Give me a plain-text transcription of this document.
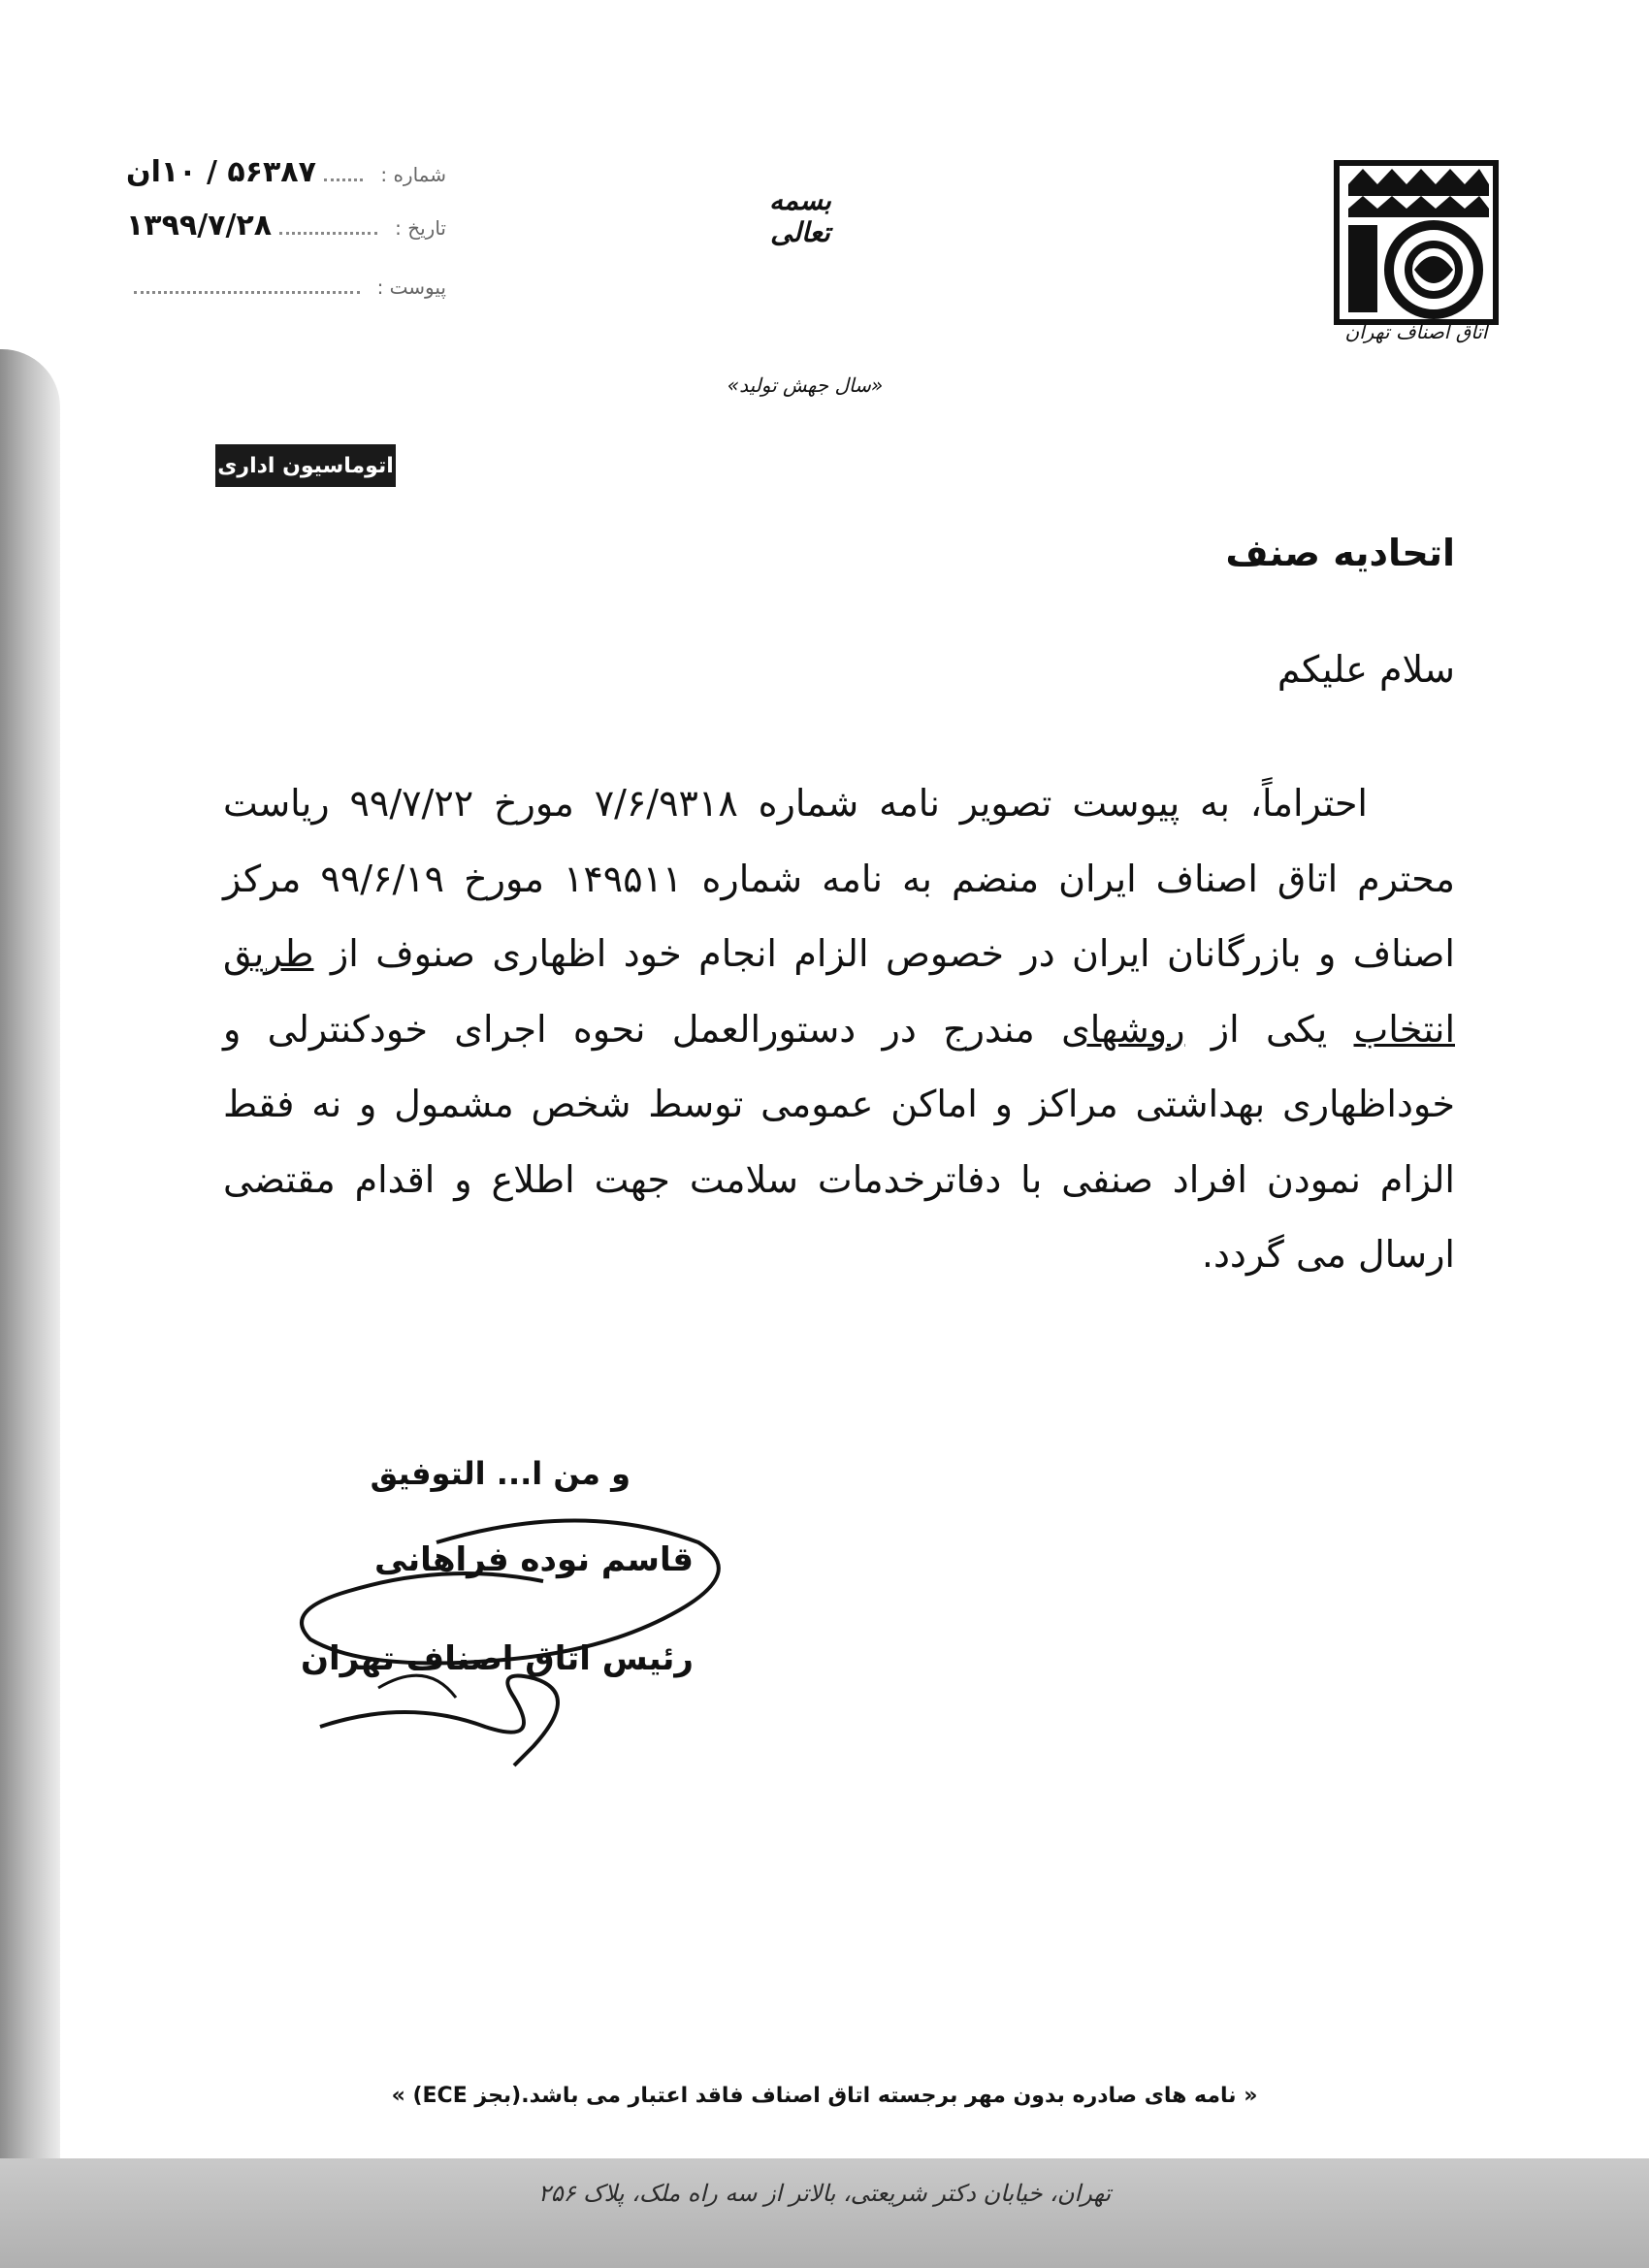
شماره :
۵۶۳۸۷ / ۱۰ان
تاریخ :
۱۳۹۹/۷/۲۸
پیوست :
بسمه تعالی
«سال جهش تولید»
اتاق اصناف تهران
اتوماسیون اداری
اتحادیه صنف
سلام علیکم

احتراماً، به پیوست تصویر نامه شماره ۷/۶/۹۳۱۸ مورخ ۹۹/۷/۲۲ ریاست محترم اتاق اصناف ایران منضم به نامه شماره ۱۴۹۵۱۱ مورخ ۹۹/۶/۱۹ مرکز اصناف و بازرگانان ایران در خصوص الزام انجام خود اظهاری صنوف از طریق انتخاب یکی از روشهای مندرج در دستورالعمل نحوه اجرای خودکنترلی و خوداظهاری بهداشتی مراکز و اماکن عمومی توسط شخص مشمول و نه فقط الزام نمودن افراد صنفی با دفاترخدمات سلامت جهت اطلاع و اقدام مقتضی ارسال می گردد.

و من ا... التوفیق
قاسم نوده فراهانی
رئیس اتاق اصناف تهران
« نامه های صادره بدون مهر برجسته اتاق اصناف فاقد اعتبار می باشد.(بجز ECE) »
تهران، خیابان دکتر شریعتی، بالاتر از سه راه ملک، پلاک ۲۵۶
